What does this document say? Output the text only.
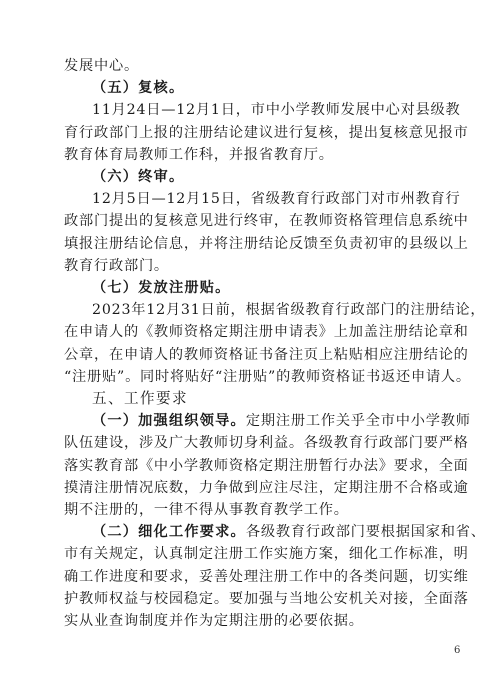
发展中心。
（五）复核。
11月24日—12月1日，市中小学教师发展中心对县级教
育行政部门上报的注册结论建议进行复核，提出复核意见报市
教育体育局教师工作科，并报省教育厅。
（六）终审。
12月5日—12月15日，省级教育行政部门对市州教育行
政部门提出的复核意见进行终审，在教师资格管理信息系统中
填报注册结论信息，并将注册结论反馈至负责初审的县级以上
教育行政部门。
（七）发放注册贴。
2023年12月31日前，根据省级教育行政部门的注册结论，
在申请人的《教师资格定期注册申请表》上加盖注册结论章和
公章，在申请人的教师资格证书备注页上粘贴相应注册结论的
“注册贴”。同时将贴好“注册贴”的教师资格证书返还申请人。
五、工作要求
（一）加强组织领导。定期注册工作关乎全市中小学教师
队伍建设，涉及广大教师切身利益。各级教育行政部门要严格
落实教育部《中小学教师资格定期注册暂行办法》要求，全面
摸清注册情况底数，力争做到应注尽注，定期注册不合格或逾
期不注册的，一律不得从事教育教学工作。
6
（二）细化工作要求。各级教育行政部门要根据国家和省、
市有关规定，认真制定注册工作实施方案，细化工作标准，明
确工作进度和要求，妥善处理注册工作中的各类问题，切实维
护教师权益与校园稳定。要加强与当地公安机关对接，全面落
实从业查询制度并作为定期注册的必要依据。
